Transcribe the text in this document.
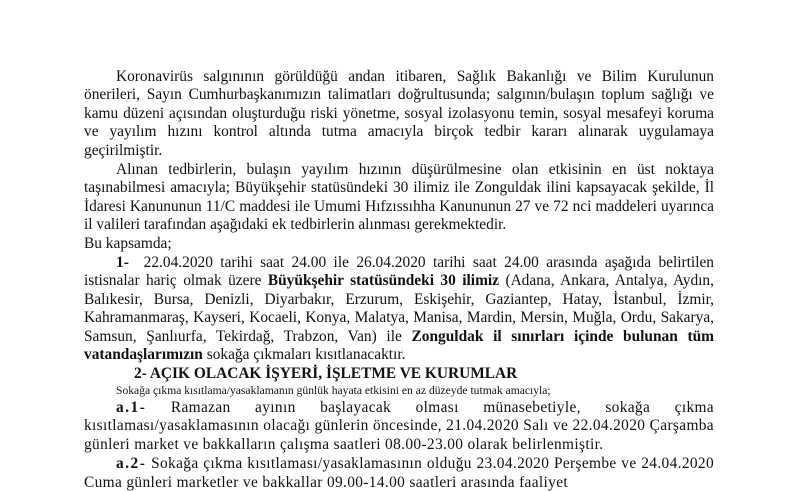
Koronavirüs salgınının görüldüğü andan itibaren, Sağlık Bakanlığı ve Bilim Kurulunun önerileri, Sayın Cumhurbaşkanımızın talimatları doğrultusunda; salgının/bulaşın toplum sağlığı ve kamu düzeni açısından oluşturduğu riski yönetme, sosyal izolasyonu temin, sosyal mesafeyi koruma ve yayılım hızını kontrol altında tutma amacıyla birçok tedbir kararı alınarak uygulamaya geçirilmiştir.

Alınan tedbirlerin, bulaşın yayılım hızının düşürülmesine olan etkisinin en üst noktaya taşınabilmesi amacıyla; Büyükşehir statüsündeki 30 ilimiz ile Zonguldak ilini kapsayacak şekilde, İl İdaresi Kanununun 11/C maddesi ile Umumi Hıfzıssıhha Kanununun 27 ve 72 nci maddeleri uyarınca il valileri tarafından aşağıdaki ek tedbirlerin alınması gerekmektedir.

Bu kapsamda;

1- 22.04.2020 tarihi saat 24.00 ile 26.04.2020 tarihi saat 24.00 arasında aşağıda belirtilen istisnalar hariç olmak üzere Büyükşehir statüsündeki 30 ilimiz (Adana, Ankara, Antalya, Aydın, Balıkesir, Bursa, Denizli, Diyarbakır, Erzurum, Eskişehir, Gaziantep, Hatay, İstanbul, İzmir, Kahramanmaraş, Kayseri, Kocaeli, Konya, Malatya, Manisa, Mardin, Mersin, Muğla, Ordu, Sakarya, Samsun, Şanlıurfa, Tekirdağ, Trabzon, Van) ile Zonguldak il sınırları içinde bulunan tüm vatandaşlarımızın sokağa çıkmaları kısıtlanacaktır.

2- AÇIK OLACAK İŞYERİ, İŞLETME VE KURUMLAR

Sokağa çıkma kısıtlama/yasaklamanın günlük hayata etkisini en az düzeyde tutmak amacıyla;

a.1- Ramazan ayının başlayacak olması münasebetiyle, sokağa çıkma kısıtlaması/yasaklamasının olacağı günlerin öncesinde, 21.04.2020 Salı ve 22.04.2020 Çarşamba günleri market ve bakkalların çalışma saatleri 08.00-23.00 olarak belirlenmiştir.

a.2- Sokağa çıkma kısıtlaması/yasaklamasının olduğu 23.04.2020 Perşembe ve 24.04.2020 Cuma günleri marketler ve bakkallar 09.00-14.00 saatleri arasında faaliyet
